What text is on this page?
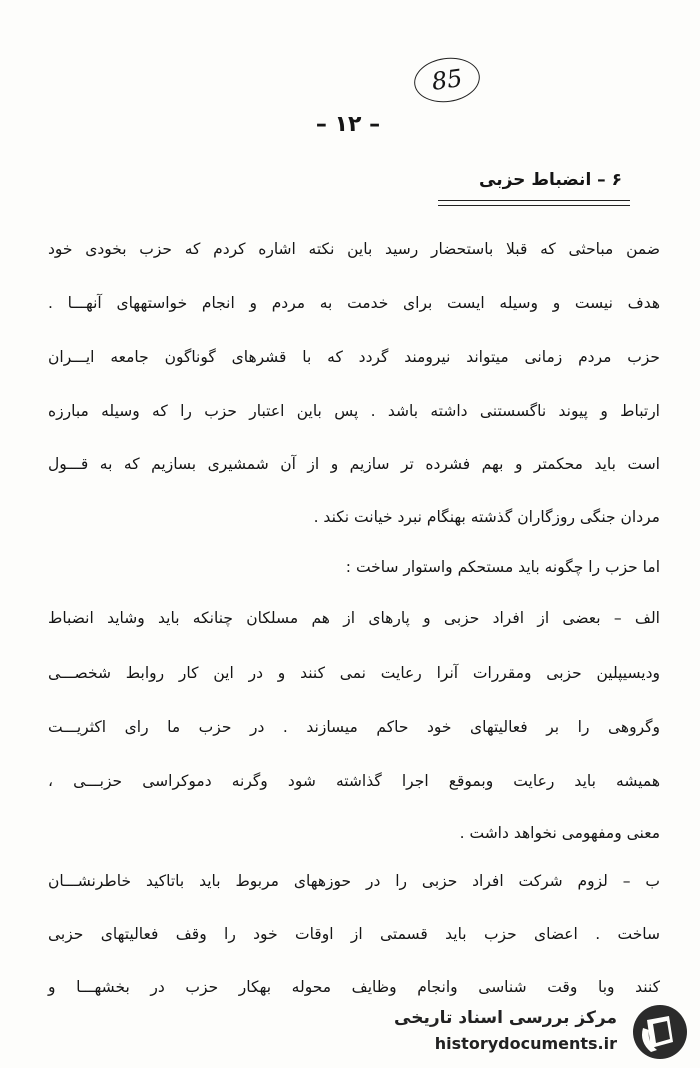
85
– ۱۲ –
۶ – انضباط حزبی
ضمن مباحثی که قبلا باستحضار رسید باین نکته اشاره کردم که حزب بخودی خود
هدف نیست و وسیله ایست برای خدمت به مردم و انجام خواستههای آنهـــا .
حزب مردم زمانی میتواند نیرومند گردد که با قشرهای گوناگون جامعه ایـــران
ارتباط و پیوند ناگسستنی داشته باشد . پس باین اعتبار حزب را که وسیله مبارزه
است باید محکمتر و بهم فشرده تر سازیم و از آن شمشیری بسازیم که به قـــول
مردان جنگی روزگاران گذشته بهنگام نبرد خیانت نکند .
اما حزب را چگونه باید مستحکم واستوار ساخت :
الف – بعضی از افراد حزبی و پارهای از هم مسلکان چنانکه باید وشاید انضباط
ودیسیپلین حزبی ومقررات آنرا رعایت نمی کنند و در این کار روابط شخصـــی
وگروهی را بر فعالیتهای خود حاکم میسازند . در حزب ما رای اکثریـــت
همیشه باید رعایت وبموقع اجرا گذاشته شود وگرنه دموکراسی حزبـــی ،
معنی ومفهومی نخواهد داشت .
ب – لزوم شرکت افراد حزبی را در حوزههای مربوط باید باتاکید خاطرنشـــان
ساخت . اعضای حزب باید قسمتی از اوقات خود را وقف فعالیتهای حزبی
کنند وبا وقت شناسی وانجام وظایف محوله بهکار حزب در بخشهـــا و
مرکز بررسی اسناد تاریخی
historydocuments.ir
